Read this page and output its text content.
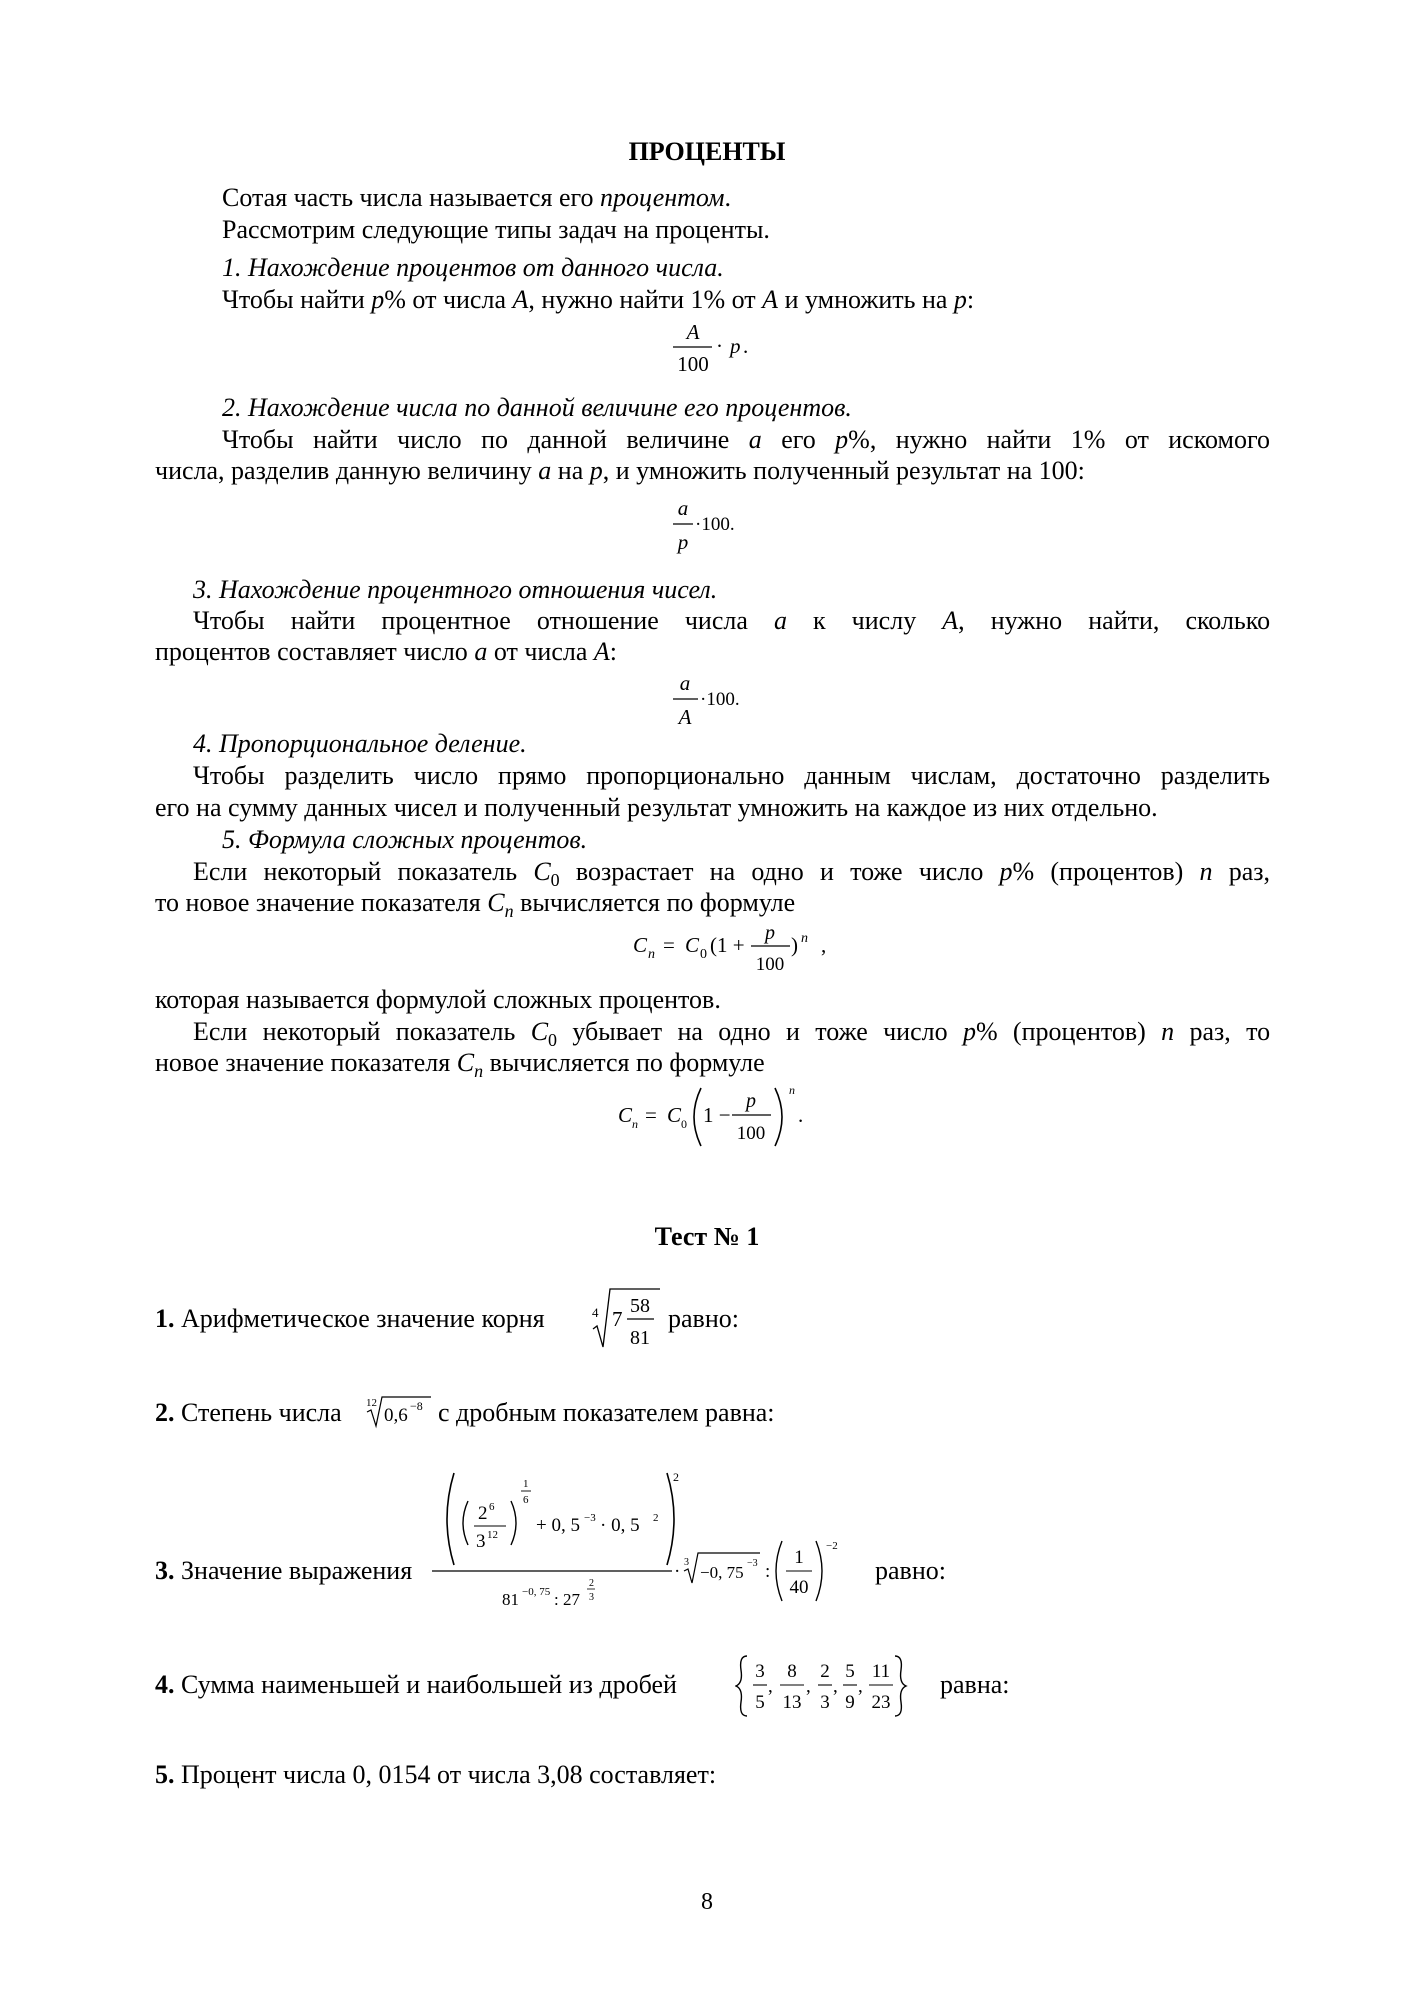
ПРОЦЕНТЫ
Сотая часть числа называется его процентом.
Рассмотрим следующие типы задач на проценты.
1. Нахождение процентов от данного числа.
Чтобы найти p% от числа A, нужно найти 1% от A и умножить на p:
A
100
· p .
2. Нахождение числа по данной величине его процентов.
Чтобы найти число по данной величине a его p%, нужно найти 1% от искомого
числа, разделив данную величину a на p, и умножить полученный результат на 100:
a
p
·100.
3. Нахождение процентного отношения чисел.
Чтобы найти процентное отношение числа a к числу A, нужно найти, сколько
процентов составляет число a от числа A:
a
A
·100.
4. Пропорциональное деление.
Чтобы разделить число прямо пропорционально данным числам, достаточно разделить
его на сумму данных чисел и полученный результат умножить на каждое из них отдельно.
5. Формула сложных процентов.
Если некоторый показатель $C_0$ возрастает на одно и тоже число p% (процентов) n раз,
то новое значение показателя $C_n$ вычисляется по формуле
C n = C 0 (1 + p
100
) n ,
которая называется формулой сложных процентов.
Если некоторый показатель $C_0$ убывает на одно и тоже число p% (процентов) n раз, то
новое значение показателя $C_n$ вычисляется по формуле
C n = C 0 1 −
p
100
n
.
Тест № 1
1. Арифметическое значение корня	4 7
58
81
равно:
2. Степень числа 12
0,6 −8 с дробным показателем равна:
3. Значение выражения
2
2 6
3 12
1
6
+ 0, 5 −3 · 0, 5 2
81 −0, 75 : 27
2
3
· 3
−0, 75 −3 :
1
40
−2
равно:
4. Сумма наименьшей и наибольшей из дробей	3
5
,
8
13
,
2
3
,
5
9
,
11
23
равна:
5. Процент числа 0, 0154 от числа 3,08 составляет:
8
